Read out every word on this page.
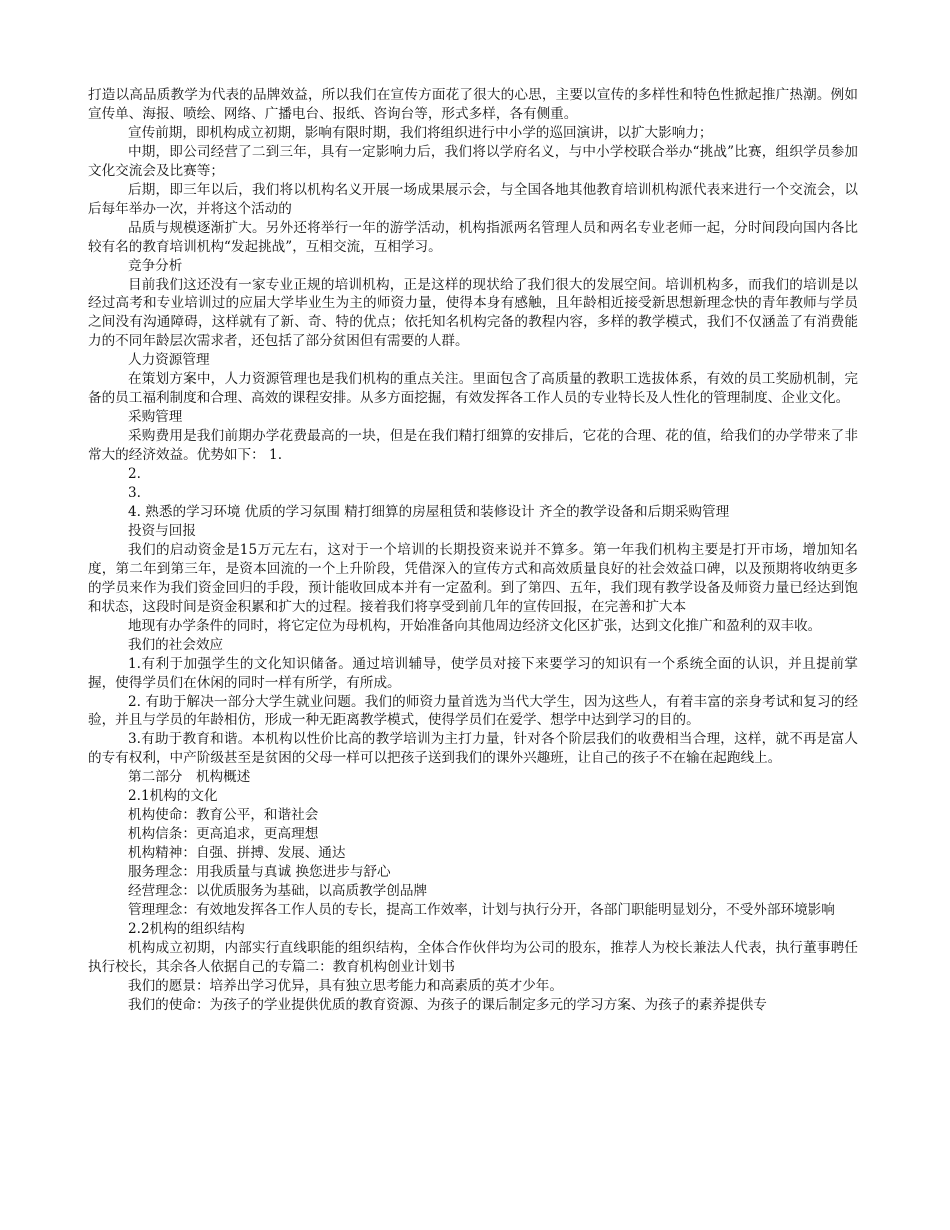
打造以高品质教学为代表的品牌效益，所以我们在宣传方面花了很大的心思，主要以宣传的多样性和特色性掀起推广热潮。例如宣传单、海报、喷绘、网络、广播电台、报纸、咨询台等，形式多样，各有侧重。

宣传前期，即机构成立初期，影响有限时期，我们将组织进行中小学的巡回演讲，以扩大影响力；

中期，即公司经营了二到三年，具有一定影响力后，我们将以学府名义，与中小学校联合举办“挑战”比赛，组织学员参加文化交流会及比赛等；

后期，即三年以后，我们将以机构名义开展一场成果展示会，与全国各地其他教育培训机构派代表来进行一个交流会，以后每年举办一次，并将这个活动的

品质与规模逐渐扩大。另外还将举行一年的游学活动，机构指派两名管理人员和两名专业老师一起，分时间段向国内各比较有名的教育培训机构“发起挑战”，互相交流，互相学习。

竞争分析

目前我们这还没有一家专业正规的培训机构，正是这样的现状给了我们很大的发展空间。培训机构多，而我们的培训是以经过高考和专业培训过的应届大学毕业生为主的师资力量，使得本身有感触，且年龄相近接受新思想新理念快的青年教师与学员之间没有沟通障碍，这样就有了新、奇、特的优点；依托知名机构完备的教程内容，多样的教学模式，我们不仅涵盖了有消费能力的不同年龄层次需求者，还包括了部分贫困但有需要的人群。

人力资源管理

在策划方案中，人力资源管理也是我们机构的重点关注。里面包含了高质量的教职工选拔体系，有效的员工奖励机制，完备的员工福利制度和合理、高效的课程安排。从多方面挖掘，有效发挥各工作人员的专业特长及人性化的管理制度、企业文化。

采购管理

采购费用是我们前期办学花费最高的一块，但是在我们精打细算的安排后，它花的合理、花的值，给我们的办学带来了非常大的经济效益。优势如下： 1.

2.

3.

4. 熟悉的学习环境 优质的学习氛围 精打细算的房屋租赁和装修设计 齐全的教学设备和后期采购管理

投资与回报

我们的启动资金是15万元左右，这对于一个培训的长期投资来说并不算多。第一年我们机构主要是打开市场，增加知名度，第二年到第三年，是资本回流的一个上升阶段，凭借深入的宣传方式和高效质量良好的社会效益口碑，以及预期将收纳更多的学员来作为我们资金回归的手段，预计能收回成本并有一定盈利。到了第四、五年，我们现有教学设备及师资力量已经达到饱和状态，这段时间是资金积累和扩大的过程。接着我们将享受到前几年的宣传回报，在完善和扩大本

地现有办学条件的同时，将它定位为母机构，开始准备向其他周边经济文化区扩张，达到文化推广和盈利的双丰收。

我们的社会效应

1.有利于加强学生的文化知识储备。通过培训辅导，使学员对接下来要学习的知识有一个系统全面的认识，并且提前掌握，使得学员们在休闲的同时一样有所学，有所成。

2. 有助于解决一部分大学生就业问题。我们的师资力量首选为当代大学生，因为这些人，有着丰富的亲身考试和复习的经验，并且与学员的年龄相仿，形成一种无距离教学模式，使得学员们在爱学、想学中达到学习的目的。

3.有助于教育和谐。本机构以性价比高的教学培训为主打力量，针对各个阶层我们的收费相当合理，这样，就不再是富人的专有权利，中产阶级甚至是贫困的父母一样可以把孩子送到我们的课外兴趣班，让自己的孩子不在输在起跑线上。

第二部分　机构概述

2.1机构的文化

机构使命：教育公平，和谐社会

机构信条：更高追求，更高理想

机构精神：自强、拼搏、发展、通达

服务理念：用我质量与真诚 换您进步与舒心

经营理念：以优质服务为基础，以高质教学创品牌

管理理念：有效地发挥各工作人员的专长，提高工作效率，计划与执行分开，各部门职能明显划分，不受外部环境影响

2.2机构的组织结构

机构成立初期，内部实行直线职能的组织结构，全体合作伙伴均为公司的股东，推荐人为校长兼法人代表，执行董事聘任执行校长，其余各人依据自己的专篇二：教育机构创业计划书

我们的愿景：培养出学习优异，具有独立思考能力和高素质的英才少年。

我们的使命：为孩子的学业提供优质的教育资源、为孩子的课后制定多元的学习方案、为孩子的素养提供专
